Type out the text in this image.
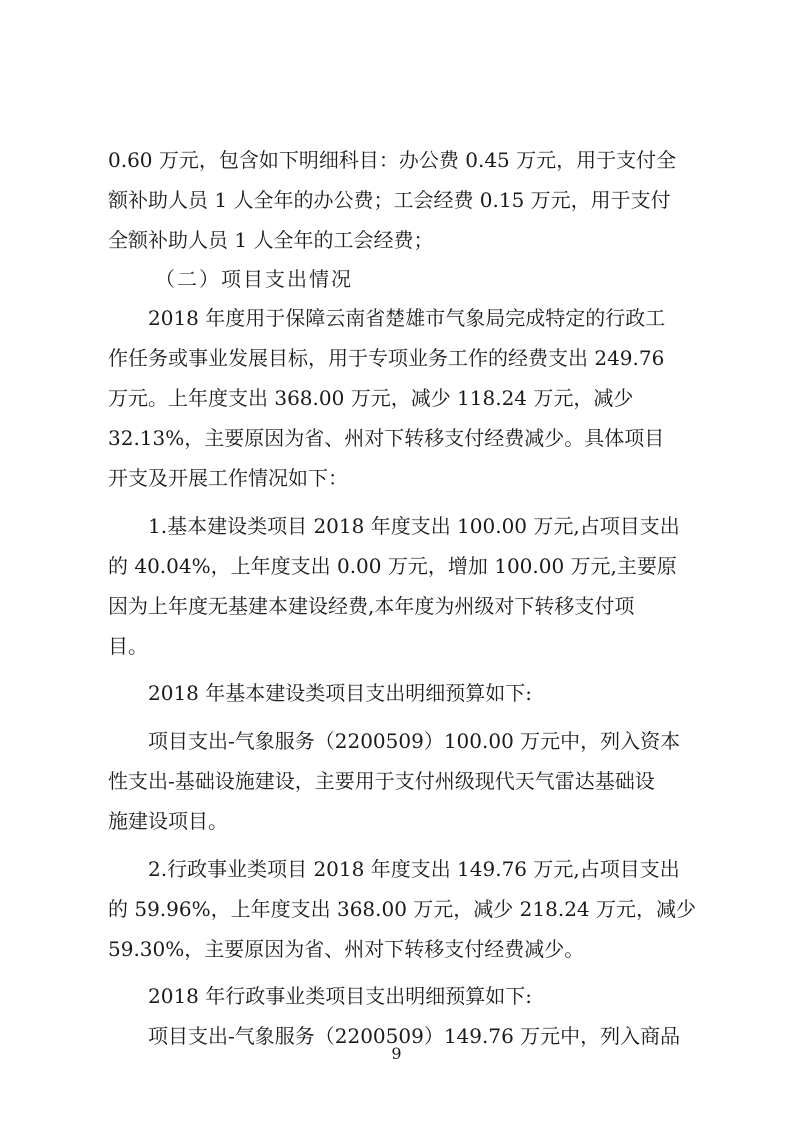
0.60 万元，包含如下明细科目：办公费 0.45 万元，用于支付全
额补助人员 1 人全年的办公费；工会经费 0.15 万元，用于支付
全额补助人员 1 人全年的工会经费；
（二）项目支出情况
2018 年度用于保障云南省楚雄市气象局完成特定的行政工
作任务或事业发展目标，用于专项业务工作的经费支出 249.76
万元。上年度支出 368.00 万元，减少 118.24 万元，减少
32.13%，主要原因为省、州对下转移支付经费减少。具体项目
开支及开展工作情况如下：
1.基本建设类项目 2018 年度支出 100.00 万元,占项目支出
的 40.04%，上年度支出 0.00 万元，增加 100.00 万元,主要原
因为上年度无基建本建设经费,本年度为州级对下转移支付项
目。
2018 年基本建设类项目支出明细预算如下:
项目支出-气象服务（2200509）100.00 万元中，列入资本
性支出-基础设施建设，主要用于支付州级现代天气雷达基础设
施建设项目。
2.行政事业类项目 2018 年度支出 149.76 万元,占项目支出
的 59.96%，上年度支出 368.00 万元，减少 218.24 万元，减少
59.30%，主要原因为省、州对下转移支付经费减少。
2018 年行政事业类项目支出明细预算如下:
项目支出-气象服务（2200509）149.76 万元中，列入商品
9
